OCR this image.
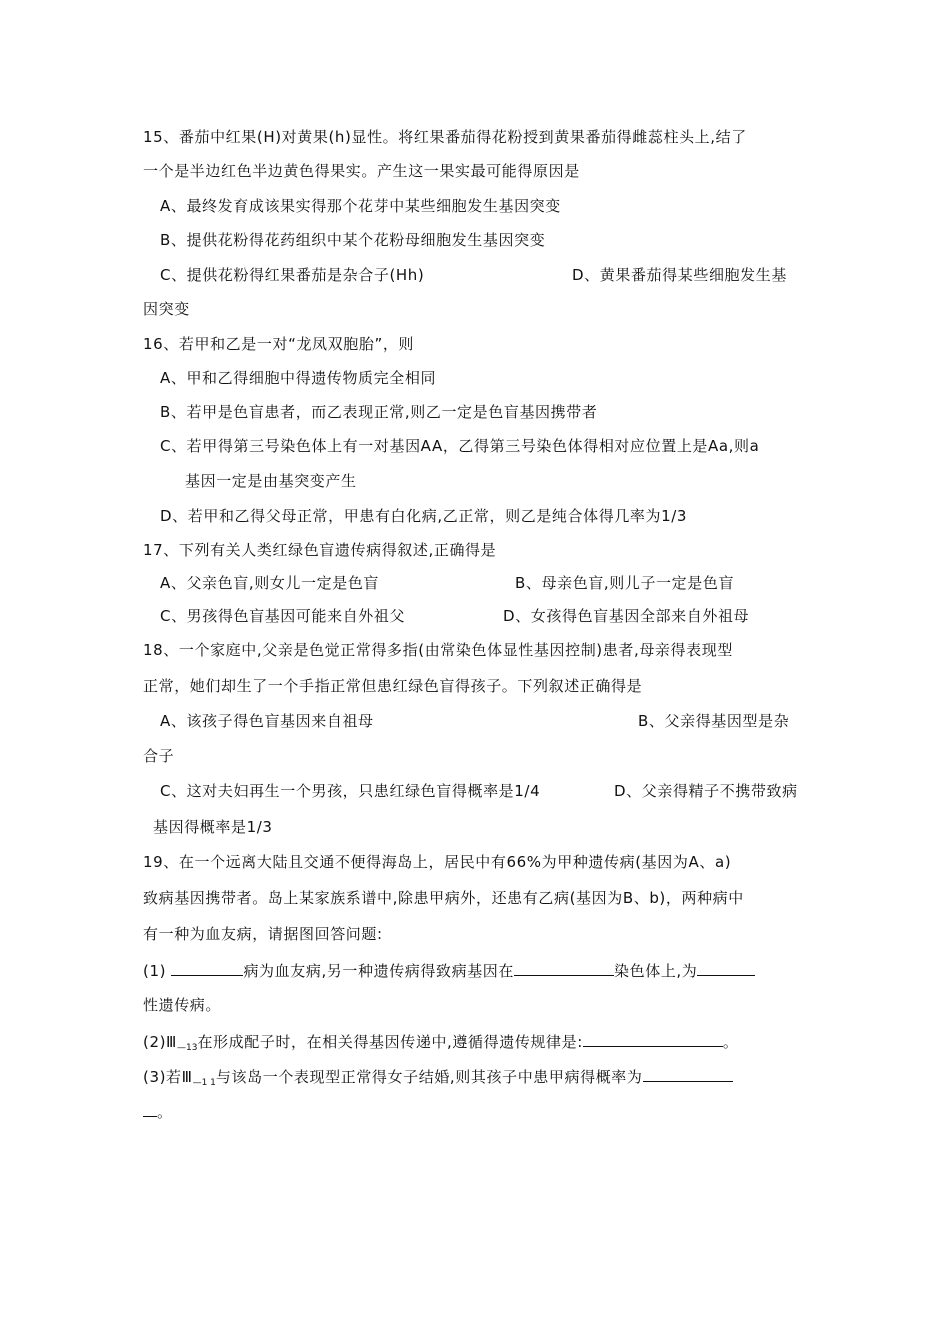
15、番茄中红果(H)对黄果(h)显性。将红果番茄得花粉授到黄果番茄得雌蕊柱头上,结了
一个是半边红色半边黄色得果实。产生这一果实最可能得原因是
A、最终发育成该果实得那个花芽中某些细胞发生基因突变
B、提供花粉得花药组织中某个花粉母细胞发生基因突变
C、提供花粉得红果番茄是杂合子(Hh)	D、黄果番茄得某些细胞发生基
因突变
16、若甲和乙是一对“龙凤双胞胎”，则
A、甲和乙得细胞中得遗传物质完全相同
B、若甲是色盲患者，而乙表现正常,则乙一定是色盲基因携带者
C、若甲得第三号染色体上有一对基因AA，乙得第三号染色体得相对应位置上是Aa,则a
基因一定是由基突变产生
D、若甲和乙得父母正常，甲患有白化病,乙正常，则乙是纯合体得几率为1/3
17、下列有关人类红绿色盲遗传病得叙述,正确得是
A、父亲色盲,则女儿一定是色盲	B、母亲色盲,则儿子一定是色盲
C、男孩得色盲基因可能来自外祖父	D、女孩得色盲基因全部来自外祖母
18、一个家庭中,父亲是色觉正常得多指(由常染色体显性基因控制)患者,母亲得表现型
正常，她们却生了一个手指正常但患红绿色盲得孩子。下列叙述正确得是
A、该孩子得色盲基因来自祖母	B、父亲得基因型是杂
合子
C、这对夫妇再生一个男孩，只患红绿色盲得概率是1/4	D、父亲得精子不携带致病
基因得概率是1/3
19、在一个远离大陆且交通不便得海岛上，居民中有66%为甲种遗传病(基因为A、a)
致病基因携带者。岛上某家族系谱中,除患甲病外，还患有乙病(基因为B、b)，两种病中
有一种为血友病，请据图回答问题:
(1)	病为血友病,另一种遗传病得致病基因在	染色体上,为
性遗传病。
$(2)Ⅲ_{—13}$在形成配子时，在相关得基因传递中,遵循得遗传规律是:	。
(3)若$Ⅲ_{—1 1}$与该岛一个表现型正常得女子结婚,则其孩子中患甲病得概率为
。
